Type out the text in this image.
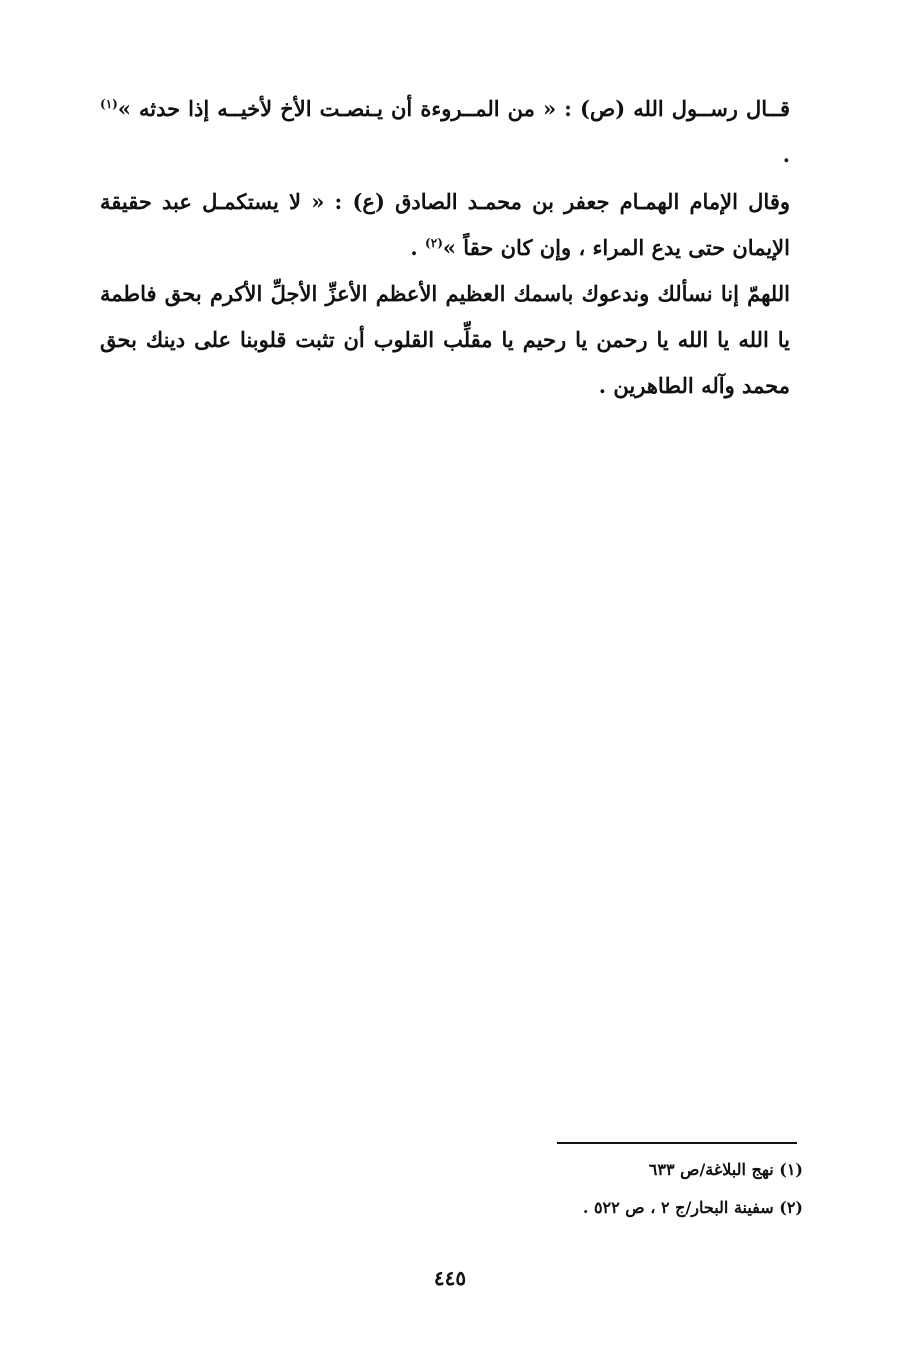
قــال رســول الله (ص) : « من المــروءة أن يـنصـت الأخ لأخيــه إذا حدثه »$^{(١)}$ .

وقال الإمام الهمـام جعفر بن محمـد الصادق (ع) : « لا يستكمـل عبد حقيقة الإيمان حتى يدع المراء ، وإن كان حقاً »$^{(٢)}$ .

اللهمّ إنا نسألك وندعوك باسمك العظيم الأعظم الأعزِّ الأجلِّ الأكرم بحق فاطمة يا الله يا الله يا رحمن يا رحيم يا مقلِّب القلوب أن تثبت قلوبنا على دينك بحق محمد وآله الطاهرين .

(١) نهج البلاغة/ص ٦٣٣
(٢) سفينة البحار/ج ٢ ، ص ٥٢٢ .
٤٤٥
